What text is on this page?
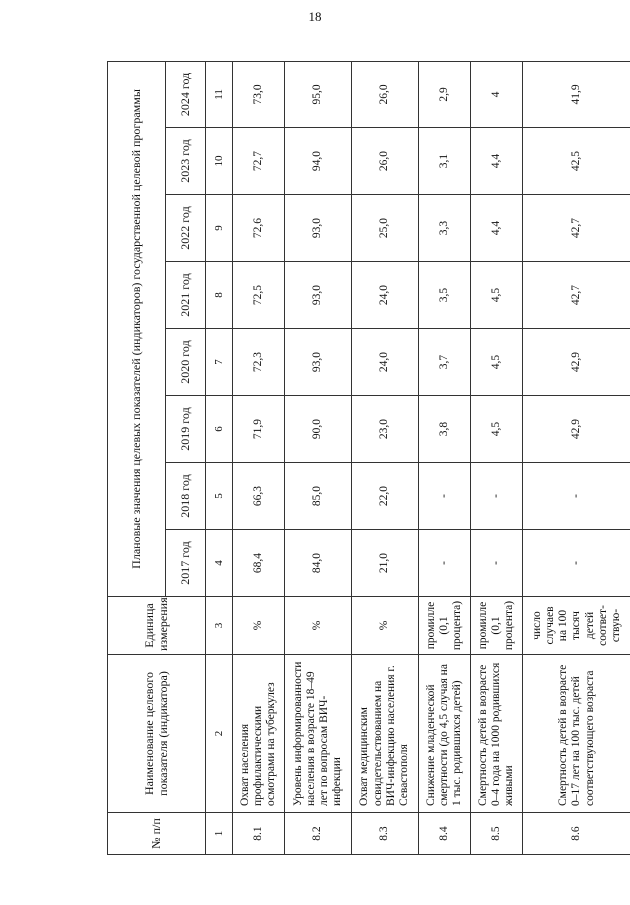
18
№ п/п	Наименование целевого показателя (индикатора)	Единица измерения	Плановые значения целевых показателей (индикаторов) государственной целевой программы							
			2017 год	2018 год	2019 год	2020 год	2021 год	2022 год	2023 год	2024 год
1	2	3	4	5	6	7	8	9	10	11
8.1	Охват населения профилактическими осмотрами на туберкулез	%	68,4	66,3	71,9	72,3	72,5	72,6	72,7	73,0
8.2	Уровень информированности населения в возрасте 18–49 лет по вопросам ВИЧ-инфекции	%	84,0	85,0	90,0	93,0	93,0	93,0	94,0	95,0
8.3	Охват медицинским освидетельствованием на ВИЧ-инфекцию населения г. Севастополя	%	21,0	22,0	23,0	24,0	24,0	25,0	26,0	26,0
8.4	Снижение младенческой смертности (до 4,5 случая на 1 тыс. родившихся детей)	промилле (0,1 процента)	-	-	3,8	3,7	3,5	3,3	3,1	2,9
8.5	Смертность детей в возрасте 0–4 года на 1000 родившихся живыми	промилле (0,1 процента)	-	-	4,5	4,5	4,5	4,4	4,4	4
8.6	Смертность детей в возрасте 0–17 лет на 100 тыс. детей соответствующего возраста	число случаев на 100 тысяч детей соответ-ствую-	-	-	42,9	42,9	42,7	42,7	42,5	41,9
